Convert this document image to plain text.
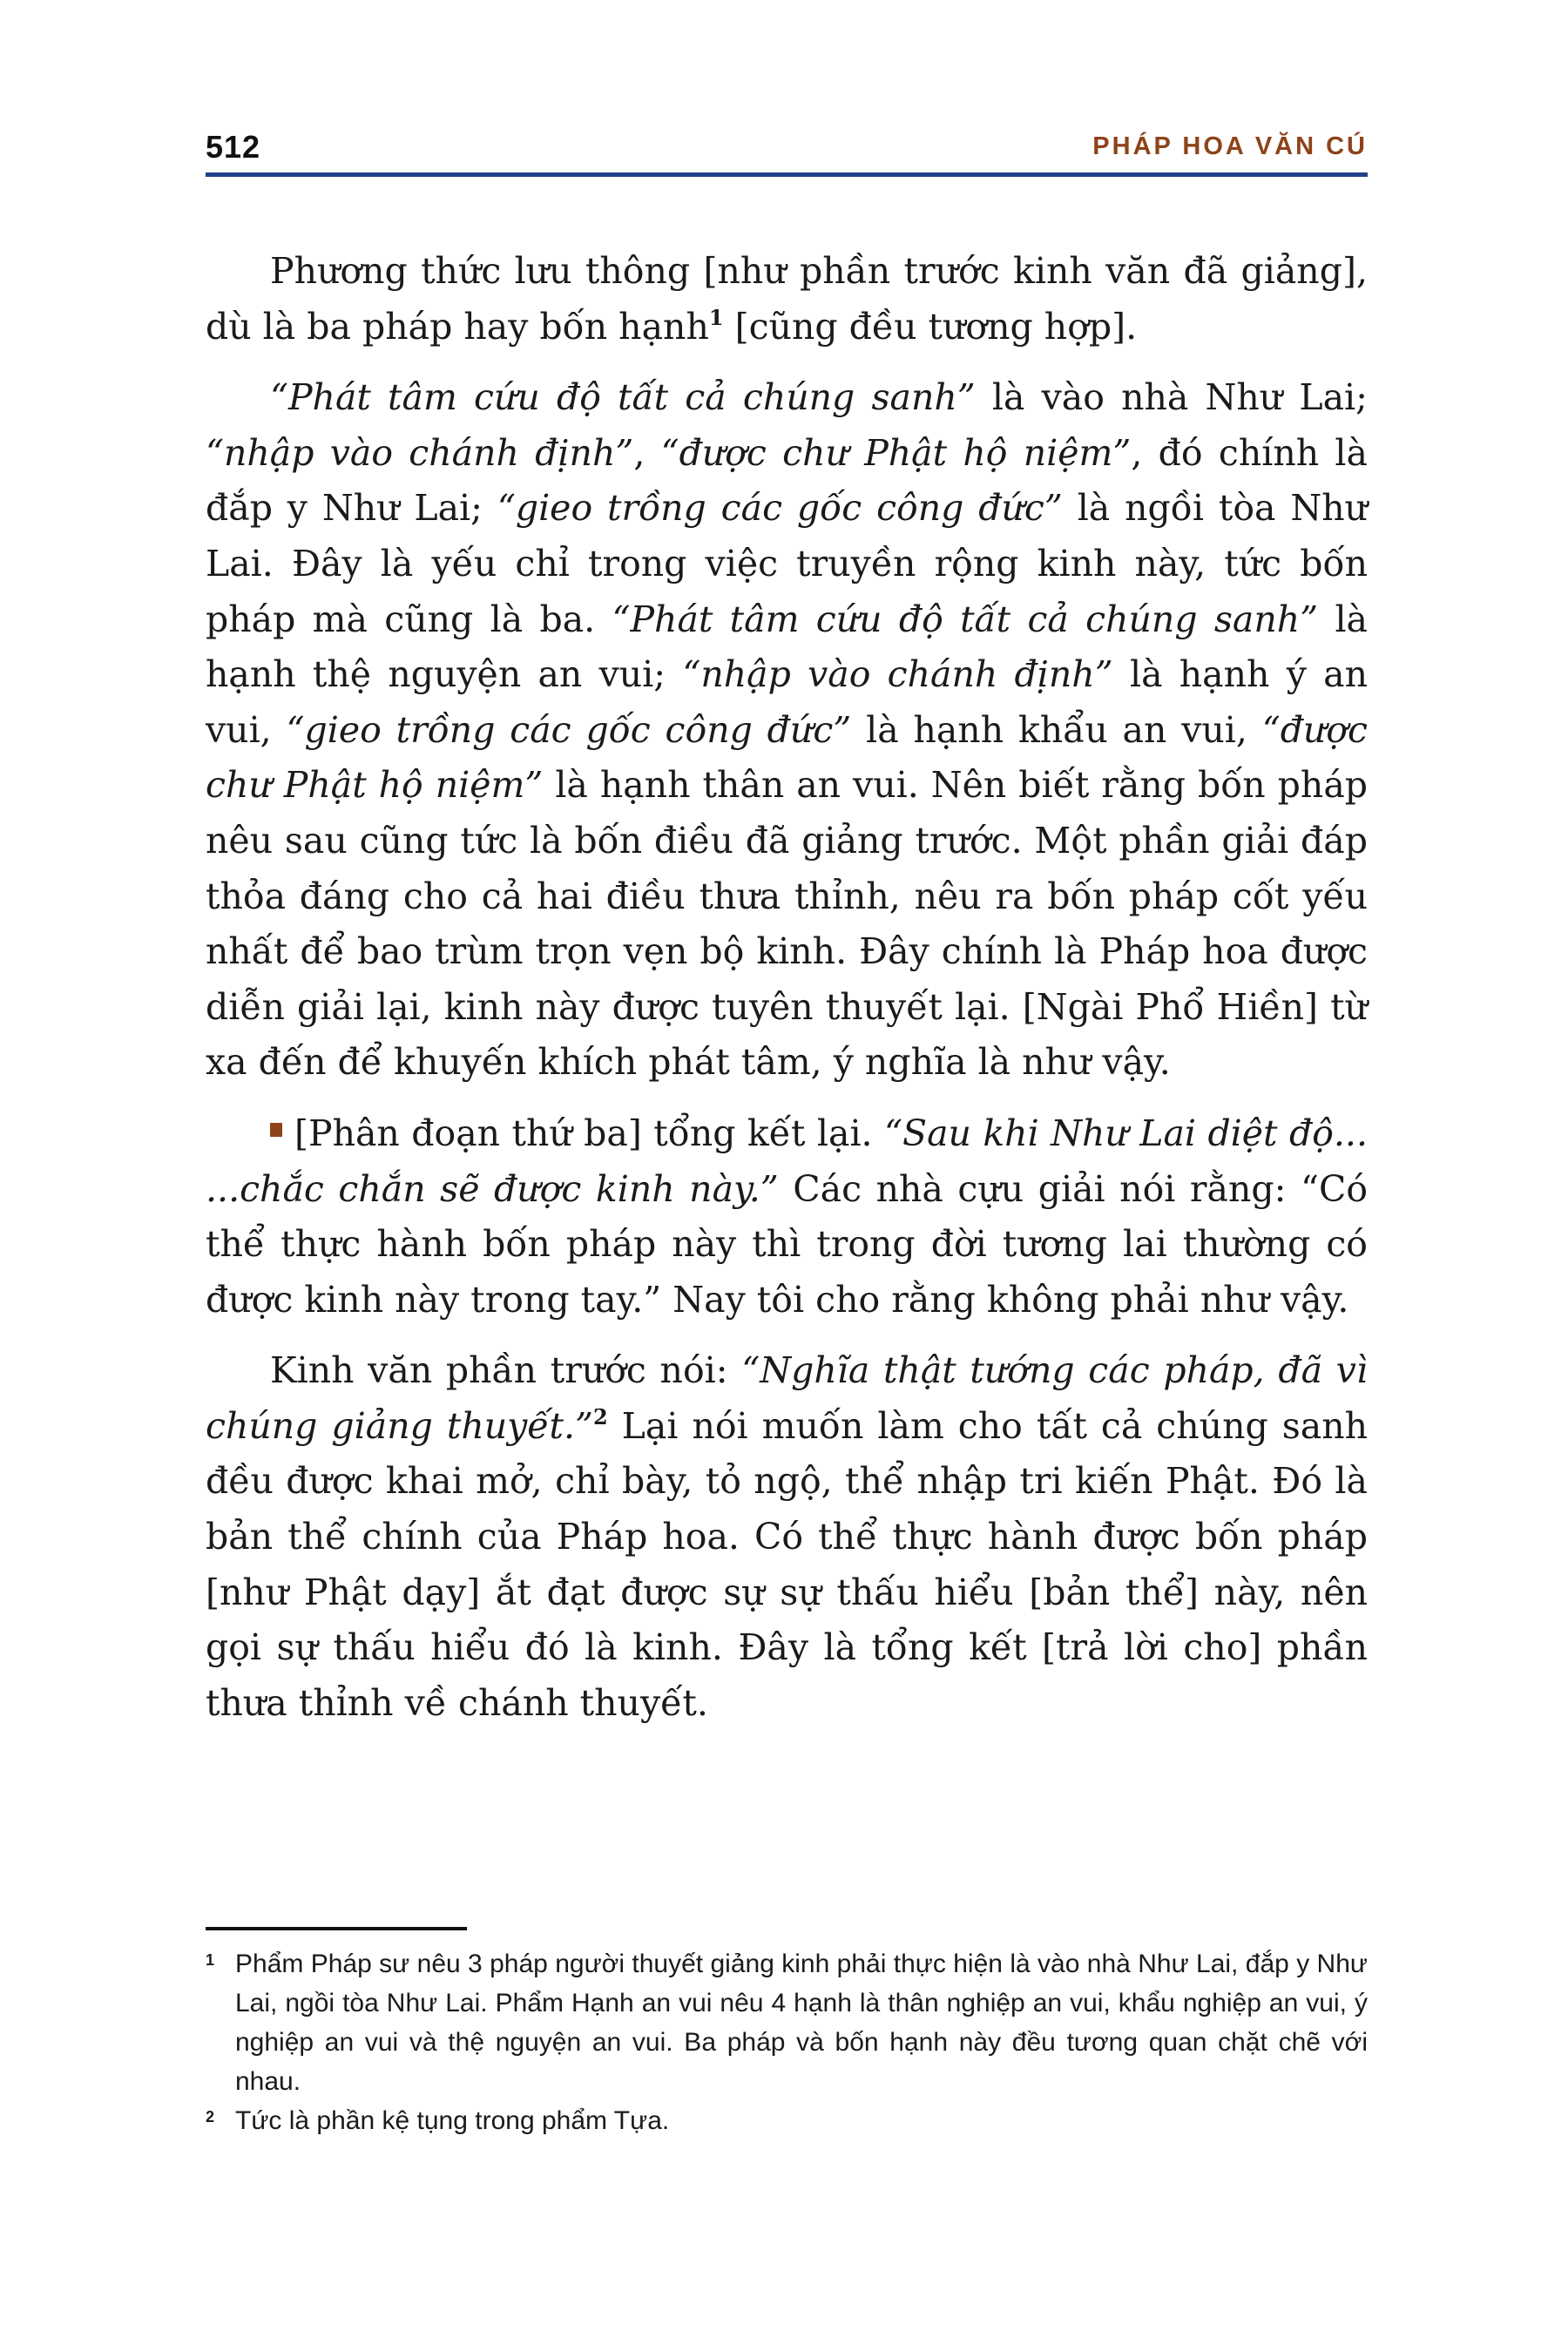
512	PHÁP HOA VĂN CÚ

Phương thức lưu thông [như phần trước kinh văn đã giảng], dù là ba pháp hay bốn hạnh$^1$ [cũng đều tương hợp].

“Phát tâm cứu độ tất cả chúng sanh” là vào nhà Như Lai; “nhập vào chánh định”, “được chư Phật hộ niệm”, đó chính là đắp y Như Lai; “gieo trồng các gốc công đức” là ngồi tòa Như Lai. Đây là yếu chỉ trong việc truyền rộng kinh này, tức bốn pháp mà cũng là ba. “Phát tâm cứu độ tất cả chúng sanh” là hạnh thệ nguyện an vui; “nhập vào chánh định” là hạnh ý an vui, “gieo trồng các gốc công đức” là hạnh khẩu an vui, “được chư Phật hộ niệm” là hạnh thân an vui. Nên biết rằng bốn pháp nêu sau cũng tức là bốn điều đã giảng trước. Một phần giải đáp thỏa đáng cho cả hai điều thưa thỉnh, nêu ra bốn pháp cốt yếu nhất để bao trùm trọn vẹn bộ kinh. Đây chính là Pháp hoa được diễn giải lại, kinh này được tuyên thuyết lại. [Ngài Phổ Hiền] từ xa đến để khuyến khích phát tâm, ý nghĩa là như vậy.

[Phân đoạn thứ ba] tổng kết lại. “Sau khi Như Lai diệt độ... ...chắc chắn sẽ được kinh này.” Các nhà cựu giải nói rằng: “Có thể thực hành bốn pháp này thì trong đời tương lai thường có được kinh này trong tay.” Nay tôi cho rằng không phải như vậy.

Kinh văn phần trước nói: “Nghĩa thật tướng các pháp, đã vì chúng giảng thuyết.”$^2$ Lại nói muốn làm cho tất cả chúng sanh đều được khai mở, chỉ bày, tỏ ngộ, thể nhập tri kiến Phật. Đó là bản thể chính của Pháp hoa. Có thể thực hành được bốn pháp [như Phật dạy] ắt đạt được sự sự thấu hiểu [bản thể] này, nên gọi sự thấu hiểu đó là kinh. Đây là tổng kết [trả lời cho] phần thưa thỉnh về chánh thuyết.

1 Phẩm Pháp sư nêu 3 pháp người thuyết giảng kinh phải thực hiện là vào nhà Như Lai, đắp y Như Lai, ngồi tòa Như Lai. Phẩm Hạnh an vui nêu 4 hạnh là thân nghiệp an vui, khẩu nghiệp an vui, ý nghiệp an vui và thệ nguyện an vui. Ba pháp và bốn hạnh này đều tương quan chặt chẽ với nhau.
2 Tức là phần kệ tụng trong phẩm Tựa.
